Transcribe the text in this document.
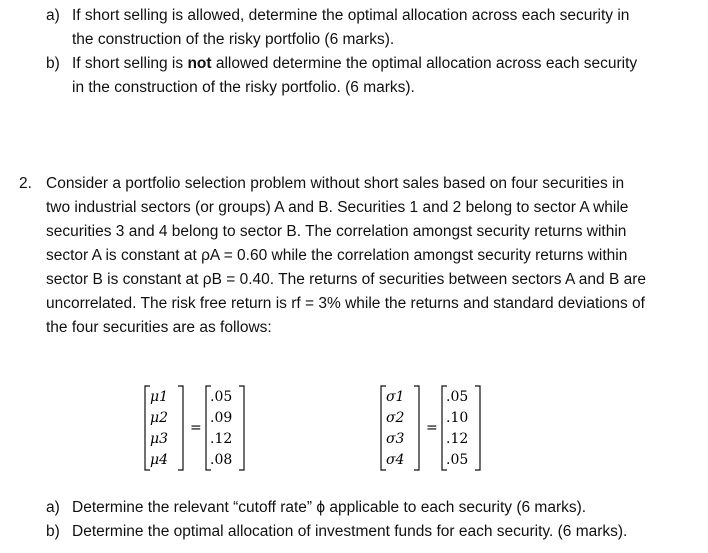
a) If short selling is allowed, determine the optimal allocation across each security in
the construction of the risky portfolio (6 marks).
b) If short selling is not allowed determine the optimal allocation across each security
in the construction of the risky portfolio. (6 marks).
2. Consider a portfolio selection problem without short sales based on four securities in
two industrial sectors (or groups) A and B. Securities 1 and 2 belong to sector A while
securities 3 and 4 belong to sector B. The correlation amongst security returns within
sector A is constant at ρA = 0.60 while the correlation amongst security returns within
sector B is constant at ρB = 0.40. The returns of securities between sectors A and B are
uncorrelated. The risk free return is rf = 3% while the returns and standard deviations of
the four securities are as follows:
μ1
μ2
μ3
μ4
=
.05
.09
.12
.08
σ1
σ2
σ3
σ4
=
.05
.10
.12
.05
a) Determine the relevant “cutoff rate” ϕ applicable to each security (6 marks).
b) Determine the optimal allocation of investment funds for each security. (6 marks).
